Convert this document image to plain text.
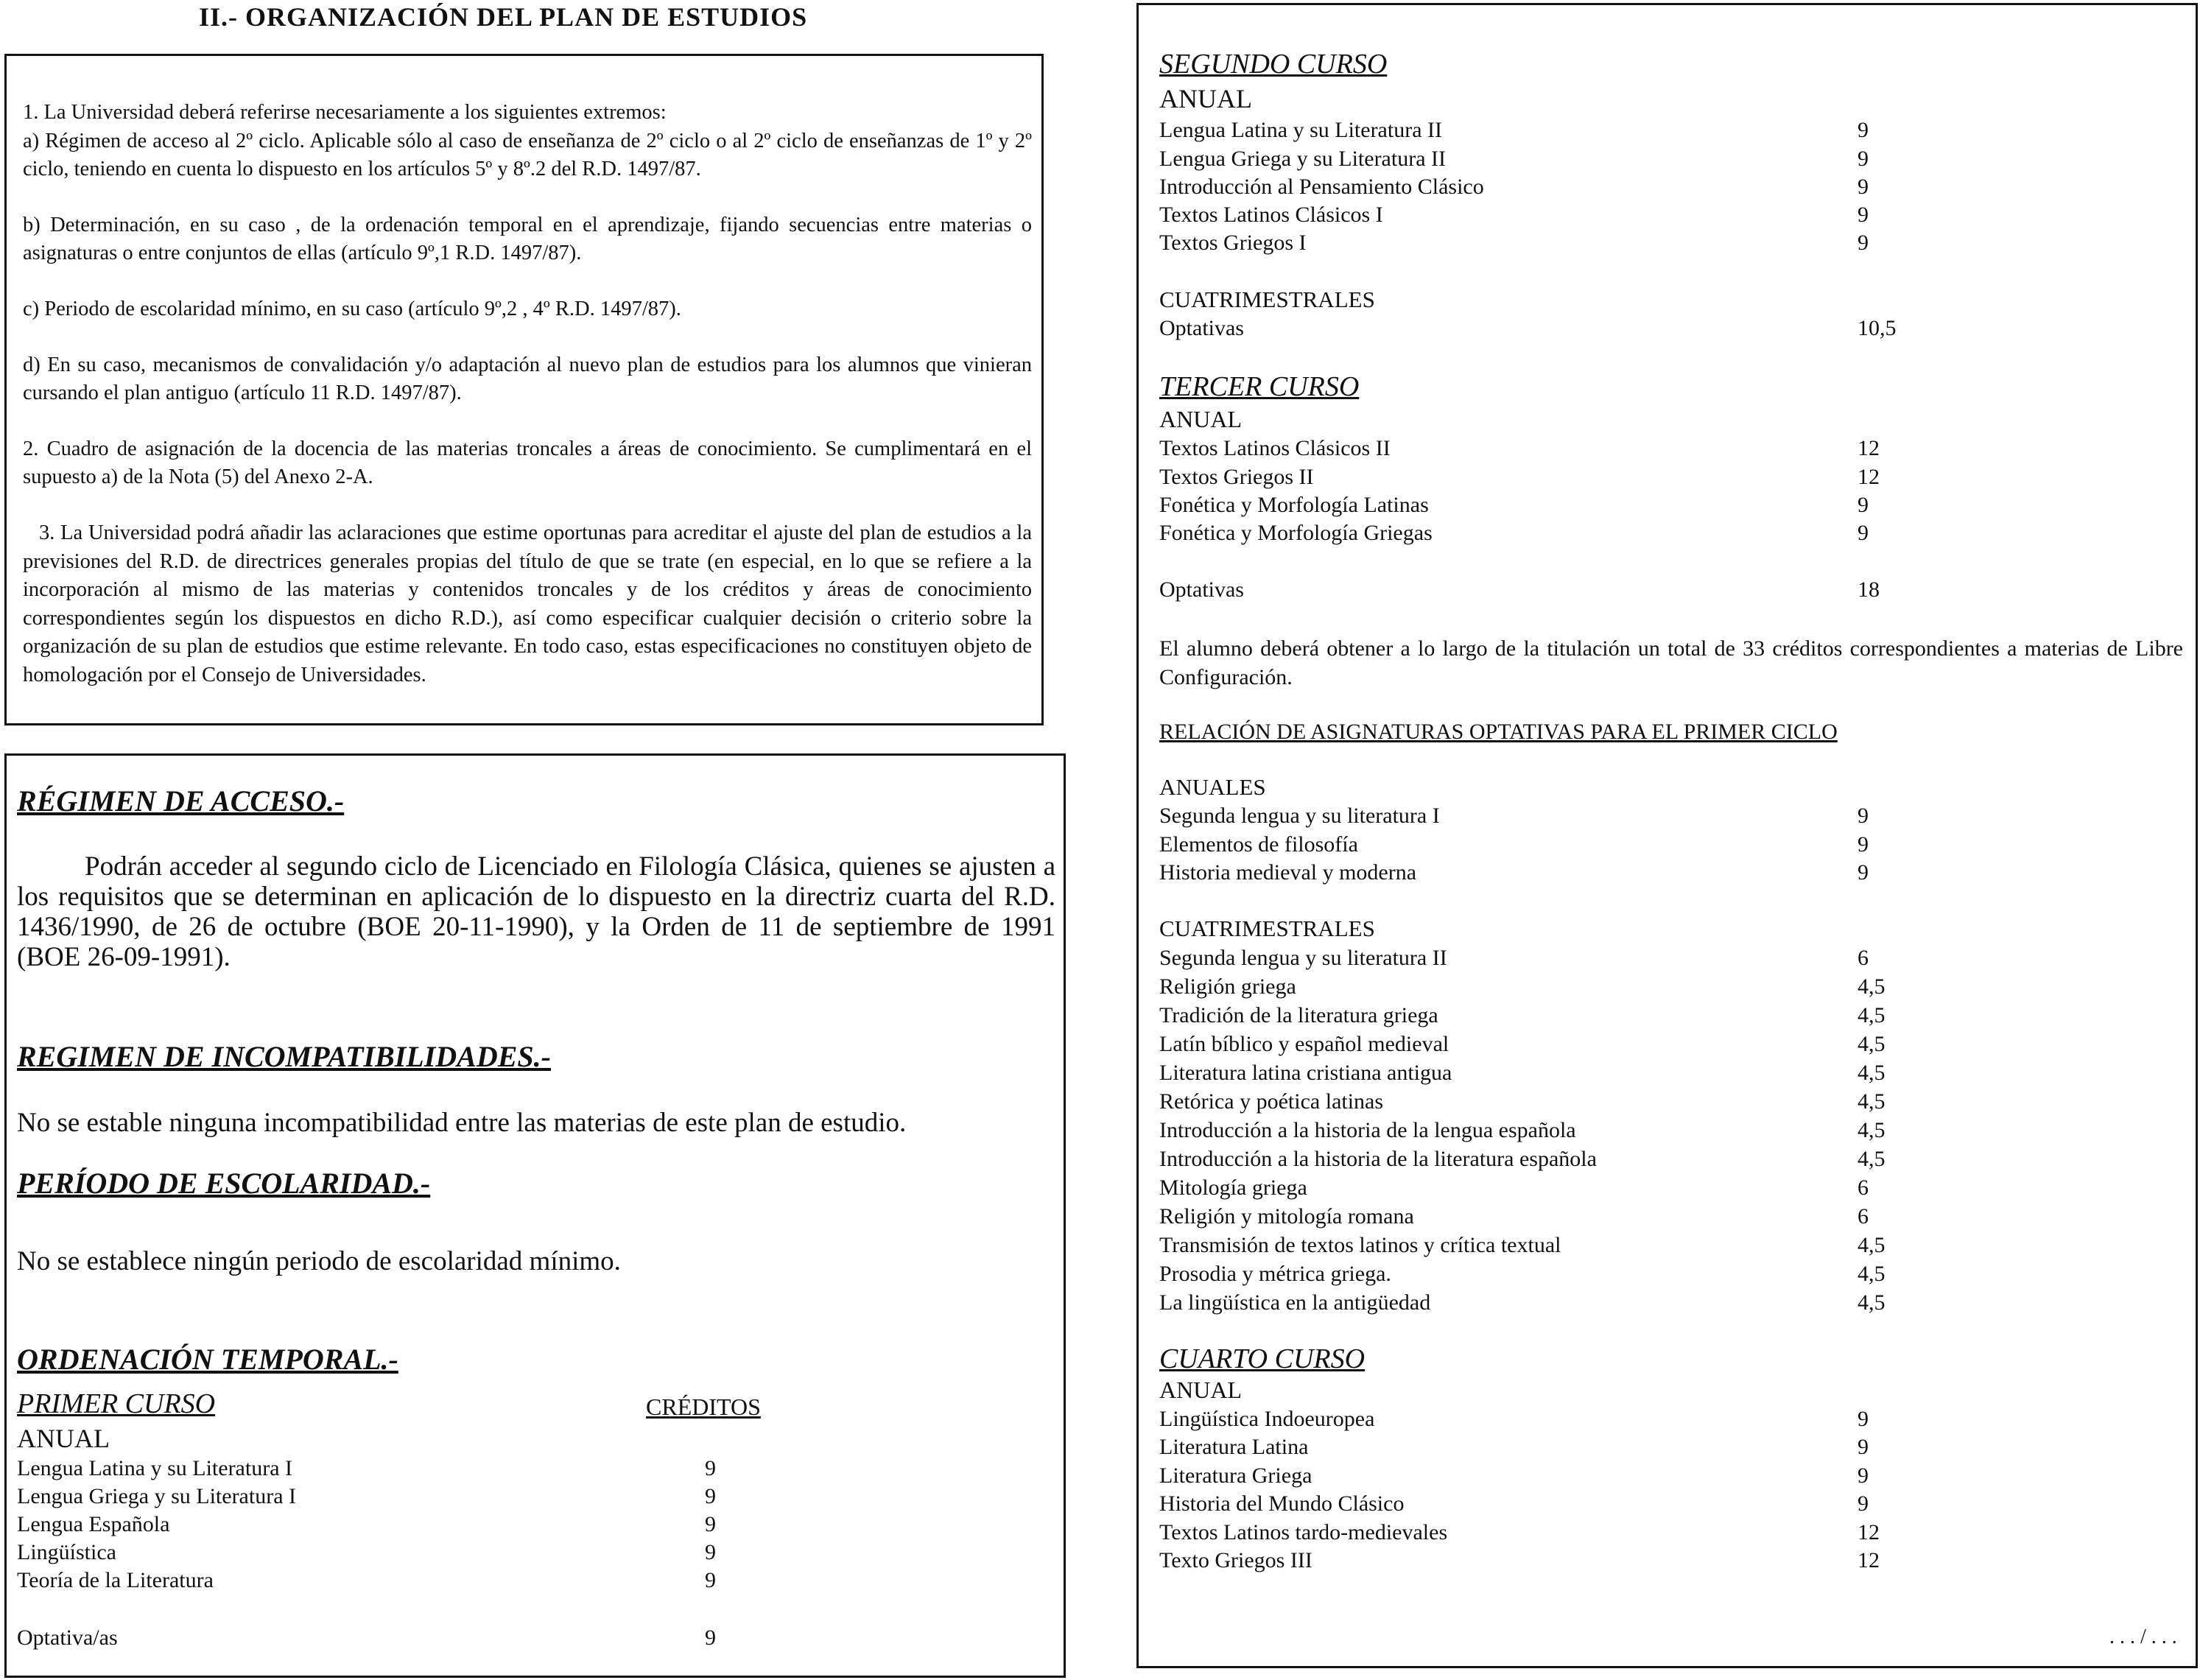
II.- ORGANIZACIÓN DEL PLAN DE ESTUDIOS

1. La Universidad deberá referirse necesariamente a los siguientes extremos:

a) Régimen de acceso al 2º ciclo. Aplicable sólo al caso de enseñanza de 2º ciclo o al 2º ciclo de enseñanzas de 1º y 2º ciclo, teniendo en cuenta lo dispuesto en los artículos 5º y 8º.2 del R.D. 1497/87.

b) Determinación, en su caso , de la ordenación temporal en el aprendizaje, fijando secuencias entre materias o asignaturas o entre conjuntos de ellas (artículo 9º,1 R.D. 1497/87).

c) Periodo de escolaridad mínimo, en su caso (artículo 9º,2 , 4º R.D. 1497/87).

d) En su caso, mecanismos de convalidación y/o adaptación al nuevo plan de estudios para los alumnos que vinieran cursando el plan antiguo (artículo 11 R.D. 1497/87).

2. Cuadro de asignación de la docencia de las materias troncales a áreas de conocimiento. Se cumplimentará en el supuesto a) de la Nota (5) del Anexo 2-A.

3. La Universidad podrá añadir las aclaraciones que estime oportunas para acreditar el ajuste del plan de estudios a la previsiones del R.D. de directrices generales propias del título de que se trate (en especial, en lo que se refiere a la incorporación al mismo de las materias y contenidos troncales y de los créditos y áreas de conocimiento correspondientes según los dispuestos en dicho R.D.), así como especificar cualquier decisión o criterio sobre la organización de su plan de estudios que estime relevante. En todo caso, estas especificaciones no constituyen objeto de homologación por el Consejo de Universidades.

RÉGIMEN DE ACCESO.-
Podrán acceder al segundo ciclo de Licenciado en Filología Clásica, quienes se ajusten a los requisitos que se determinan en aplicación de lo dispuesto en la directriz cuarta del R.D. 1436/1990, de 26 de octubre (BOE 20-11-1990), y la Orden de 11 de septiembre de 1991 (BOE 26-09-1991).
REGIMEN DE INCOMPATIBILIDADES.-
No se estable ninguna incompatibilidad entre las materias de este plan de estudio.
PERÍODO DE ESCOLARIDAD.-
No se establece ningún periodo de escolaridad mínimo.
ORDENACIÓN TEMPORAL.-
PRIMER CURSO	CRÉDITOS
ANUAL
Lengua Latina y su Literatura I	9
Lengua Griega y su Literatura I	9
Lengua Española	9
Lingüística	9
Teoría de la Literatura	9
Optativa/as	9
SEGUNDO CURSO
ANUAL
Lengua Latina y su Literatura II	9
Lengua Griega y su Literatura II	9
Introducción al Pensamiento Clásico	9
Textos Latinos Clásicos I	9
Textos Griegos I	9
CUATRIMESTRALES
Optativas	10,5
TERCER CURSO
ANUAL
Textos Latinos Clásicos II	12
Textos Griegos II	12
Fonética y Morfología Latinas	9
Fonética y Morfología Griegas	9
Optativas	18
El alumno deberá obtener a lo largo de la titulación un total de 33 créditos correspondientes a materias de Libre Configuración.
RELACIÓN DE ASIGNATURAS OPTATIVAS PARA EL PRIMER CICLO
ANUALES
Segunda lengua y su literatura I	9
Elementos de filosofía	9
Historia medieval y moderna	9
CUATRIMESTRALES
Segunda lengua y su literatura II	6
Religión griega	4,5
Tradición de la literatura griega	4,5
Latín bíblico y español medieval	4,5
Literatura latina cristiana antigua	4,5
Retórica y poética latinas	4,5
Introducción a la historia de la lengua española	4,5
Introducción a la historia de la literatura española	4,5
Mitología griega	6
Religión y mitología romana	6
Transmisión de textos latinos y crítica textual	4,5
Prosodia y métrica griega.	4,5
La lingüística en la antigüedad	4,5
CUARTO CURSO
ANUAL
Lingüística Indoeuropea	9
Literatura Latina	9
Literatura Griega	9
Historia del Mundo Clásico	9
Textos Latinos tardo-medievales	12
Texto Griegos III	12
. . . / . . .
